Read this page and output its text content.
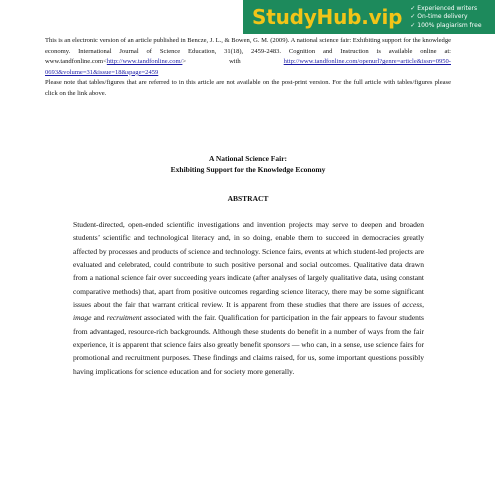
StudyHub.vip ✓ Experienced writers
✓ On-time delivery
✓ 100% plagiarism free

This is an electronic version of an article published in Bencze, J. L., & Bowen, G. M. (2009). A national science fair: Exhibiting support for the knowledge economy. International Journal of Science Education, 31(18), 2459-2483. Cognition and Instruction is available online at: www.tandfonline.com<http://www.tandfonline.com/> with http://www.tandfonline.com/openurl?genre=article&issn=0950-0693&volume=31&issue=18&spage=2459

Please note that tables/figures that are referred to in this article are not available on the post-print version. For the full article with tables/figures please click on the link above.

A National Science Fair:
Exhibiting Support for the Knowledge Economy
ABSTRACT

Student-directed, open-ended scientific investigations and invention projects may serve to deepen and broaden students’ scientific and technological literacy and, in so doing, enable them to succeed in democracies greatly affected by processes and products of science and technology. Science fairs, events at which student-led projects are evaluated and celebrated, could contribute to such positive personal and social outcomes. Qualitative data drawn from a national science fair over succeeding years indicate (after analyses of largely qualitative data, using constant comparative methods) that, apart from positive outcomes regarding science literacy, there may be some significant issues about the fair that warrant critical review. It is apparent from these studies that there are issues of access, image and recruitment associated with the fair. Qualification for participation in the fair appears to favour students from advantaged, resource-rich backgrounds. Although these students do benefit in a number of ways from the fair experience, it is apparent that science fairs also greatly benefit sponsors — who can, in a sense, use science fairs for promotional and recruitment purposes. These findings and claims raised, for us, some important questions possibly having implications for science education and for society more generally.
